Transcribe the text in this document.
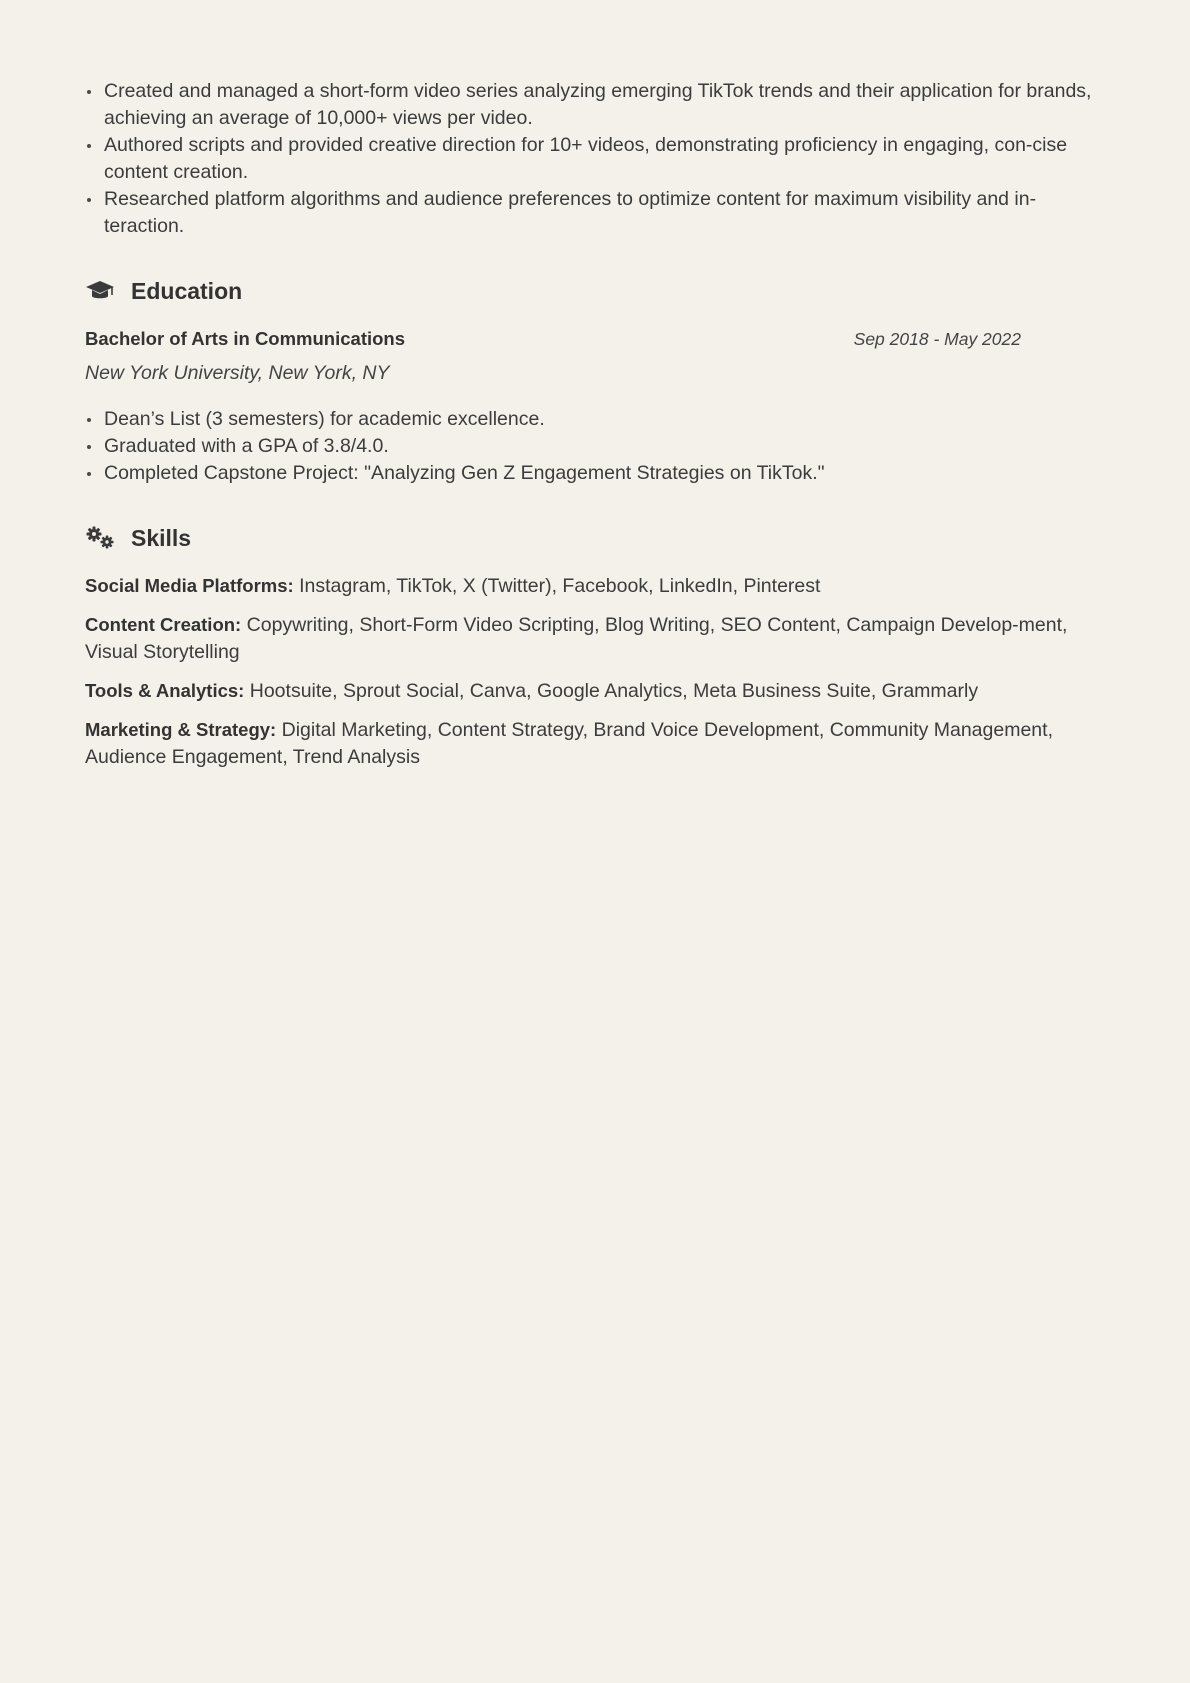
Created and managed a short-form video series analyzing emerging TikTok trends and their application for brands, achieving an average of 10,000+ views per video.
Authored scripts and provided creative direction for 10+ videos, demonstrating proficiency in engaging, con-cise content creation.
Researched platform algorithms and audience preferences to optimize content for maximum visibility and in-teraction.
Education
Bachelor of Arts in Communications	Sep 2018 - May 2022
New York University, New York, NY
Dean’s List (3 semesters) for academic excellence.
Graduated with a GPA of 3.8/4.0.
Completed Capstone Project: "Analyzing Gen Z Engagement Strategies on TikTok."
Skills
Social Media Platforms: Instagram, TikTok, X (Twitter), Facebook, LinkedIn, Pinterest
Content Creation: Copywriting, Short-Form Video Scripting, Blog Writing, SEO Content, Campaign Develop-ment, Visual Storytelling
Tools & Analytics: Hootsuite, Sprout Social, Canva, Google Analytics, Meta Business Suite, Grammarly
Marketing & Strategy: Digital Marketing, Content Strategy, Brand Voice Development, Community Management, Audience Engagement, Trend Analysis
